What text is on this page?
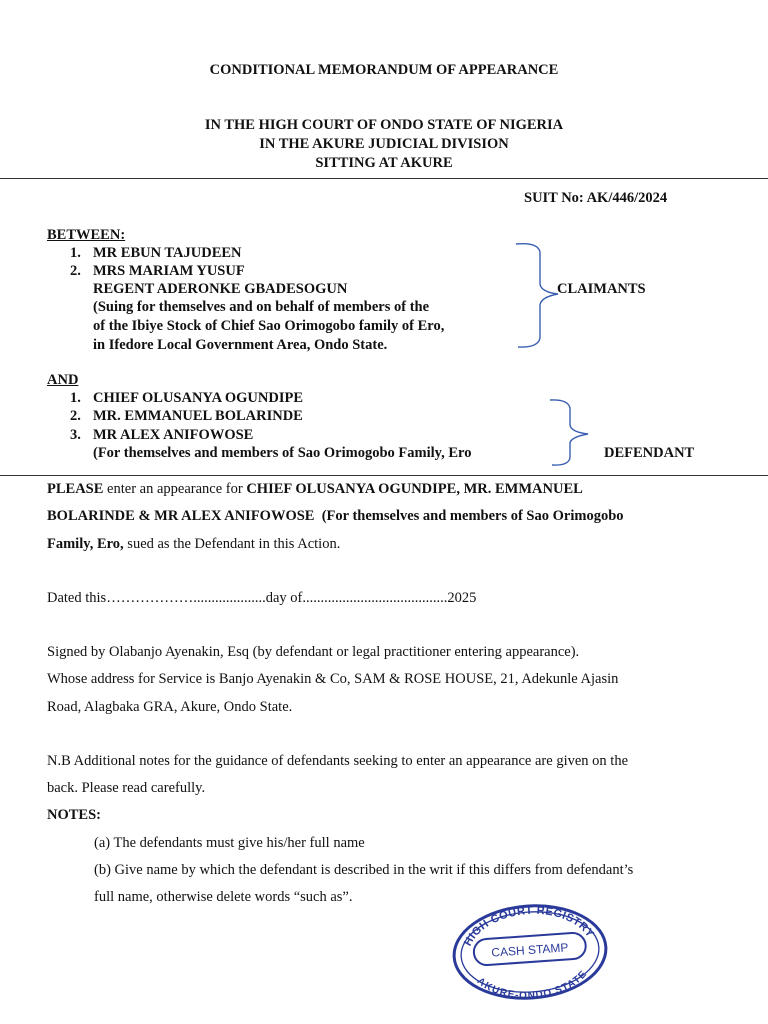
CONDITIONAL MEMORANDUM OF APPEARANCE
IN THE HIGH COURT OF ONDO STATE OF NIGERIA
IN THE AKURE JUDICIAL DIVISION
SITTING AT AKURE
SUIT No: AK/446/2024
BETWEEN:
1. MR EBUN TAJUDEEN
2. MRS MARIAM YUSUF
REGENT ADERONKE GBADESOGUN
(Suing for themselves and on behalf of members of the
of the Ibiye Stock of Chief Sao Orimogobo family of Ero,
in Ifedore Local Government Area, Ondo State.
CLAIMANTS
AND
1. CHIEF OLUSANYA OGUNDIPE
2. MR. EMMANUEL BOLARINDE
3. MR ALEX ANIFOWOSE
(For themselves and members of Sao Orimogobo Family, Ero	DEFENDANT
PLEASE enter an appearance for CHIEF OLUSANYA OGUNDIPE, MR. EMMANUEL
BOLARINDE & MR ALEX ANIFOWOSE  (For themselves and members of Sao Orimogobo
Family, Ero, sued as the Defendant in this Action.
Dated this………………....................day of........................................2025
Signed by Olabanjo Ayenakin, Esq (by defendant or legal practitioner entering appearance).
Whose address for Service is Banjo Ayenakin & Co, SAM & ROSE HOUSE, 21, Adekunle Ajasin
Road, Alagbaka GRA, Akure, Ondo State.
N.B Additional notes for the guidance of defendants seeking to enter an appearance are given on the
back. Please read carefully.
NOTES:
(a) The defendants must give his/her full name
(b) Give name by which the defendant is described in the writ if this differs from defendant’s
full name, otherwise delete words “such as”.
HIGH COURT REGISTRY
CASH STAMP
AKURE-ONDO STATE
